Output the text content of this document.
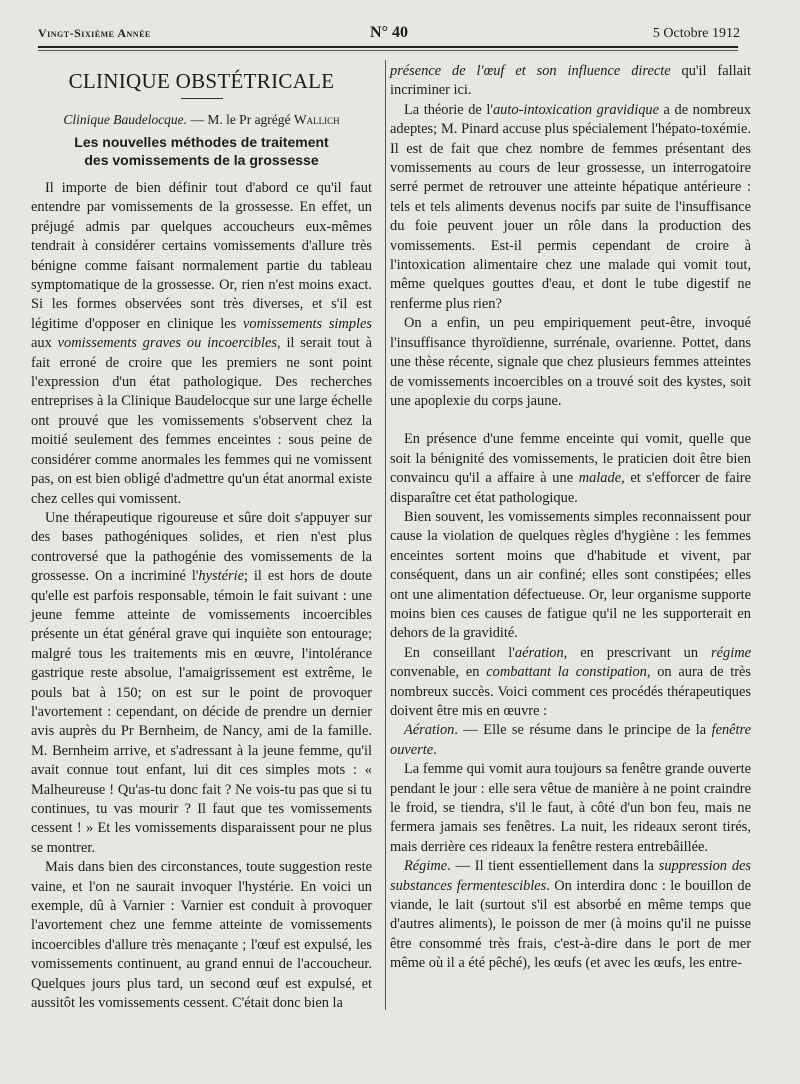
Vingt-Sixième Année	N° 40	5 Octobre 1912
CLINIQUE OBSTÉTRICALE
Clinique Baudelocque. — M. le Pr agrégé Wallich
Les nouvelles méthodes de traitement
des vomissements de la grossesse

Il importe de bien définir tout d'abord ce qu'il faut entendre par vomissements de la grossesse. En effet, un préjugé admis par quelques accoucheurs eux-mêmes tendrait à considérer certains vomissements d'allure très bénigne comme faisant normalement partie du tableau symptomatique de la grossesse. Or, rien n'est moins exact. Si les formes observées sont très diverses, et s'il est légitime d'opposer en clinique les vomissements simples aux vomissements graves ou incoercibles, il serait tout à fait erroné de croire que les premiers ne sont point l'expression d'un état pathologique. Des recherches entreprises à la Clinique Baudelocque sur une large échelle ont prouvé que les vomissements s'observent chez la moitié seulement des femmes enceintes : sous peine de considérer comme anormales les femmes qui ne vomissent pas, on est bien obligé d'admettre qu'un état anormal existe chez celles qui vomissent.

Une thérapeutique rigoureuse et sûre doit s'appuyer sur des bases pathogéniques solides, et rien n'est plus controversé que la pathogénie des vomissements de la grossesse. On a incriminé l'hystérie; il est hors de doute qu'elle est parfois responsable, témoin le fait suivant : une jeune femme atteinte de vomissements incoercibles présente un état général grave qui inquiète son entourage; malgré tous les traitements mis en œuvre, l'intolérance gastrique reste absolue, l'amaigrissement est extrême, le pouls bat à 150; on est sur le point de provoquer l'avortement : cependant, on décide de prendre un dernier avis auprès du Pr Bernheim, de Nancy, ami de la famille. M. Bernheim arrive, et s'adressant à la jeune femme, qu'il avait connue tout enfant, lui dit ces simples mots : « Malheureuse ! Qu'as-tu donc fait ? Ne vois-tu pas que si tu continues, tu vas mourir ? Il faut que tes vomissements cessent ! » Et les vomissements disparaissent pour ne plus se montrer.

Mais dans bien des circonstances, toute suggestion reste vaine, et l'on ne saurait invoquer l'hystérie. En voici un exemple, dû à Varnier : Varnier est conduit à provoquer l'avortement chez une femme atteinte de vomissements incoercibles d'allure très menaçante ; l'œuf est expulsé, les vomissements continuent, au grand ennui de l'accoucheur. Quelques jours plus tard, un second œuf est expulsé, et aussitôt les vomissements cessent. C'était donc bien la

présence de l'œuf et son influence directe qu'il fallait incriminer ici.

La théorie de l'auto-intoxication gravidique a de nombreux adeptes; M. Pinard accuse plus spécialement l'hépato-toxémie. Il est de fait que chez nombre de femmes présentant des vomissements au cours de leur grossesse, un interrogatoire serré permet de retrouver une atteinte hépatique antérieure : tels et tels aliments devenus nocifs par suite de l'insuffisance du foie peuvent jouer un rôle dans la production des vomissements. Est-il permis cependant de croire à l'intoxication alimentaire chez une malade qui vomit tout, même quelques gouttes d'eau, et dont le tube digestif ne renferme plus rien?

On a enfin, un peu empiriquement peut-être, invoqué l'insuffisance thyroïdienne, surrénale, ovarienne. Pottet, dans une thèse récente, signale que chez plusieurs femmes atteintes de vomissements incoercibles on a trouvé soit des kystes, soit une apoplexie du corps jaune.

En présence d'une femme enceinte qui vomit, quelle que soit la bénignité des vomissements, le praticien doit être bien convaincu qu'il a affaire à une malade, et s'efforcer de faire disparaître cet état pathologique.

Bien souvent, les vomissements simples reconnaissent pour cause la violation de quelques règles d'hygiène : les femmes enceintes sortent moins que d'habitude et vivent, par conséquent, dans un air confiné; elles sont constipées; elles ont une alimentation défectueuse. Or, leur organisme supporte moins bien ces causes de fatigue qu'il ne les supporterait en dehors de la gravidité.

En conseillant l'aération, en prescrivant un régime convenable, en combattant la constipation, on aura de très nombreux succès. Voici comment ces procédés thérapeutiques doivent être mis en œuvre :

Aération. — Elle se résume dans le principe de la fenêtre ouverte.

La femme qui vomit aura toujours sa fenêtre grande ouverte pendant le jour : elle sera vêtue de manière à ne point craindre le froid, se tiendra, s'il le faut, à côté d'un bon feu, mais ne fermera jamais ses fenêtres. La nuit, les rideaux seront tirés, mais derrière ces rideaux la fenêtre restera entrebâillée.

Régime. — Il tient essentiellement dans la suppression des substances fermentescibles. On interdira donc : le bouillon de viande, le lait (surtout s'il est absorbé en même temps que d'autres aliments), le poisson de mer (à moins qu'il ne puisse être consommé très frais, c'est-à-dire dans le port de mer même où il a été pêché), les œufs (et avec les œufs, les entre-
